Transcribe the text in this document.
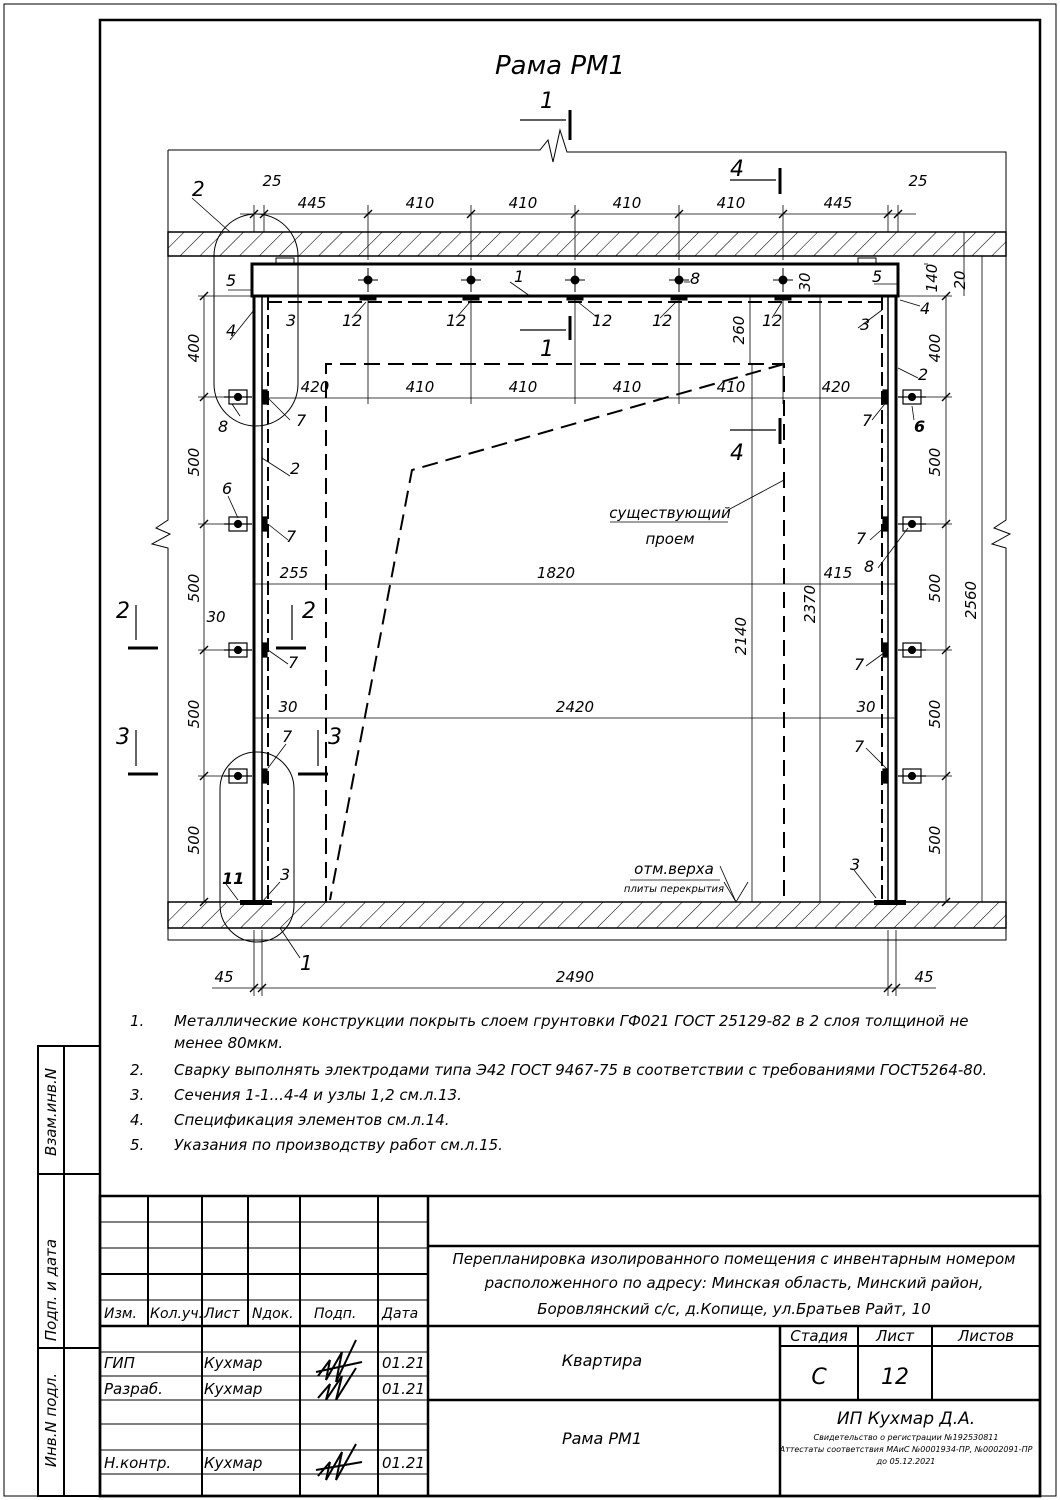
Рама РМ1
445	410	410	410	410	445
25	25
420	410	410	410	410	420
400
500
500
500
500
400
500
500
500
500
2560
2370
2140
260
30	140 20
255	1820	415
30	2420	30
30
45	2490	45
1
1
4
4
2	2
3	3
2
5
4
3
8	7
2
6
7
7
7
3
11
1
1	8
12	12	12 12	12
5
4
3
2
7	6
7
8
7
7
3
существующий
проем
отм.верха
плиты перекрытия
Взам.инв.N
Подп. и дата
Инв.N подл.
Изм. Кол.уч. Лист Nдок. Подп. Дата
ГИП	Кухмар	01.21
Разраб.	Кухмар	01.21
Н.контр. Кухмар	01.21
Перепланировка изолированного помещения с инвентарным номером
расположенного по адресу: Минская область, Минский район,
Боровлянский с/с, д.Копище, ул.Братьев Райт, 10
Квартира
Рама РМ1
Стадия Лист	Листов
С 12
ИП Кухмар Д.А.
Свидетельство о регистрации №192530811
Аттестаты соответствия МАиС №0001934-ПР, №0002091-ПР
до 05.12.2021
1. Металлические конструкции покрыть слоем грунтовки ГФ021 ГОСТ 25129-82 в 2 слоя толщиной не
менее 80мкм.
2. Сварку выполнять электродами типа Э42 ГОСТ 9467-75 в соответствии с требованиями ГОСТ5264-80.
3. Сечения 1-1...4-4 и узлы 1,2 см.л.13.
4. Спецификация элементов см.л.14.
5. Указания по производству работ см.л.15.
